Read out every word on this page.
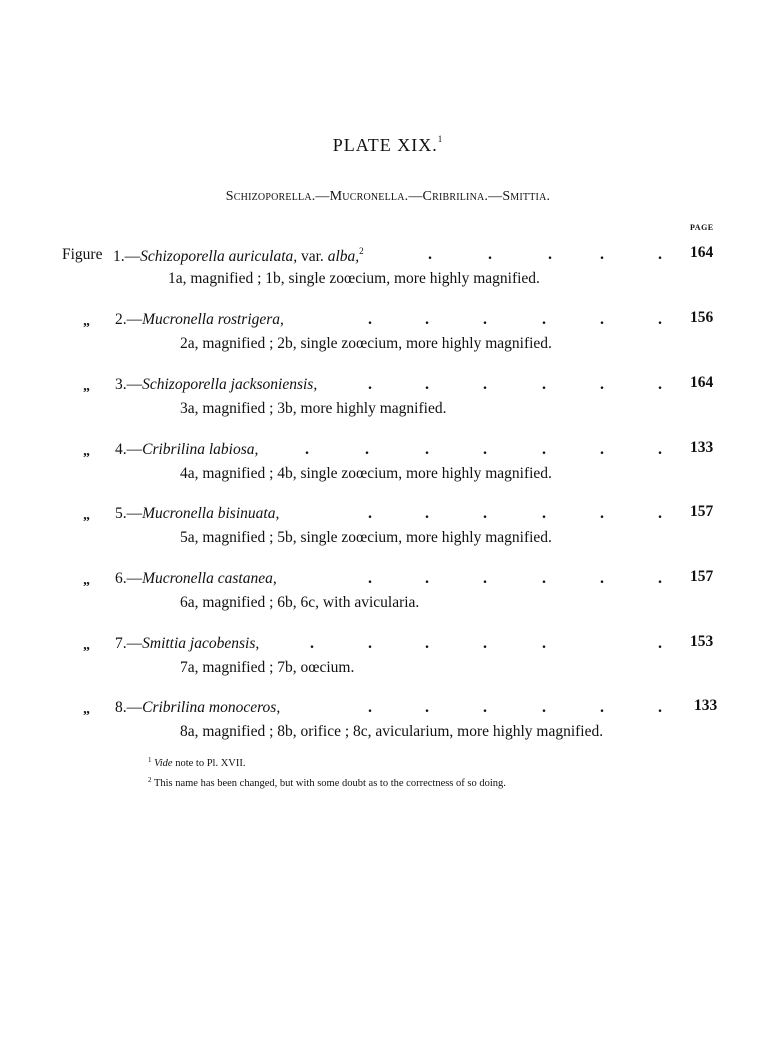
PLATE XIX.$^1$
Schizoporella.—Mucronella.—Cribrilina.—Smittia.
PAGE
Figure 1.—Schizoporella auriculata, var. alba,$^2$	.	.	.	.	. 164
1a, magnified ; 1b, single zoœcium, more highly magnified.
„ 2.—Mucronella rostrigera,	.	.	.	.	.	. 156
2a, magnified ; 2b, single zoœcium, more highly magnified.
„ 3.—Schizoporella jacksoniensis,	.	.	.	.	.	. 164
3a, magnified ; 3b, more highly magnified.
„ 4.—Cribrilina labiosa,	.	.	.	.	.	.	. 133
4a, magnified ; 4b, single zoœcium, more highly magnified.
„ 5.—Mucronella bisinuata,	.	.	.	.	.	. 157
5a, magnified ; 5b, single zoœcium, more highly magnified.
„ 6.—Mucronella castanea,	.	.	.	.	.	. 157
6a, magnified ; 6b, 6c, with avicularia.
„ 7.—Smittia jacobensis,	.	.	.	.	.	. 153
7a, magnified ; 7b, oœcium.
„ 8.—Cribrilina monoceros,	.	.	.	.	.	. 133
8a, magnified ; 8b, orifice ; 8c, avicularium, more highly magnified.
$^1$ Vide note to Pl. XVII.
$^2$ This name has been changed, but with some doubt as to the correctness of so doing.
